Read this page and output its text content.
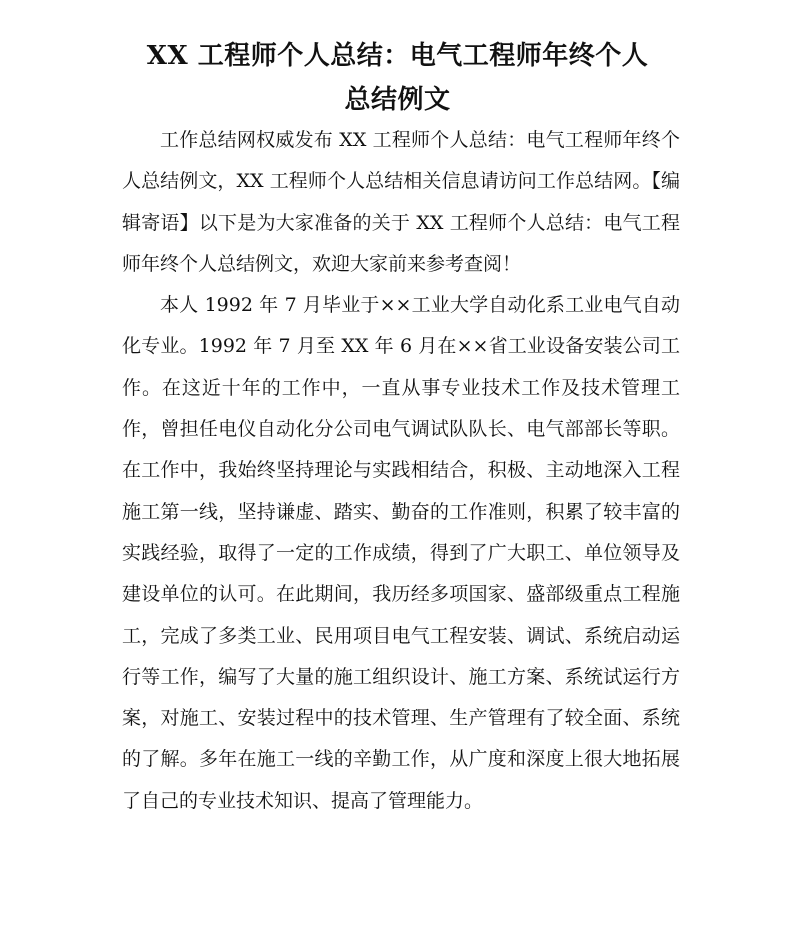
XX 工程师个人总结：电气工程师年终个人
总结例文

工作总结网权威发布 XX 工程师个人总结：电气工程师年终个人总结例文，XX 工程师个人总结相关信息请访问工作总结网。【编辑寄语】以下是为大家准备的关于 XX 工程师个人总结：电气工程师年终个人总结例文，欢迎大家前来参考查阅！

本人 1992 年 7 月毕业于××工业大学自动化系工业电气自动化专业。1992 年 7 月至 XX 年 6 月在××省工业设备安装公司工作。在这近十年的工作中，一直从事专业技术工作及技术管理工作，曾担任电仪自动化分公司电气调试队队长、电气部部长等职。在工作中，我始终坚持理论与实践相结合，积极、主动地深入工程施工第一线，坚持谦虚、踏实、勤奋的工作准则，积累了较丰富的实践经验，取得了一定的工作成绩，得到了广大职工、单位领导及建设单位的认可。在此期间，我历经多项国家、盛部级重点工程施工，完成了多类工业、民用项目电气工程安装、调试、系统启动运行等工作，编写了大量的施工组织设计、施工方案、系统试运行方案，对施工、安装过程中的技术管理、生产管理有了较全面、系统的了解。多年在施工一线的辛勤工作，从广度和深度上很大地拓展了自己的专业技术知识、提高了管理能力。
